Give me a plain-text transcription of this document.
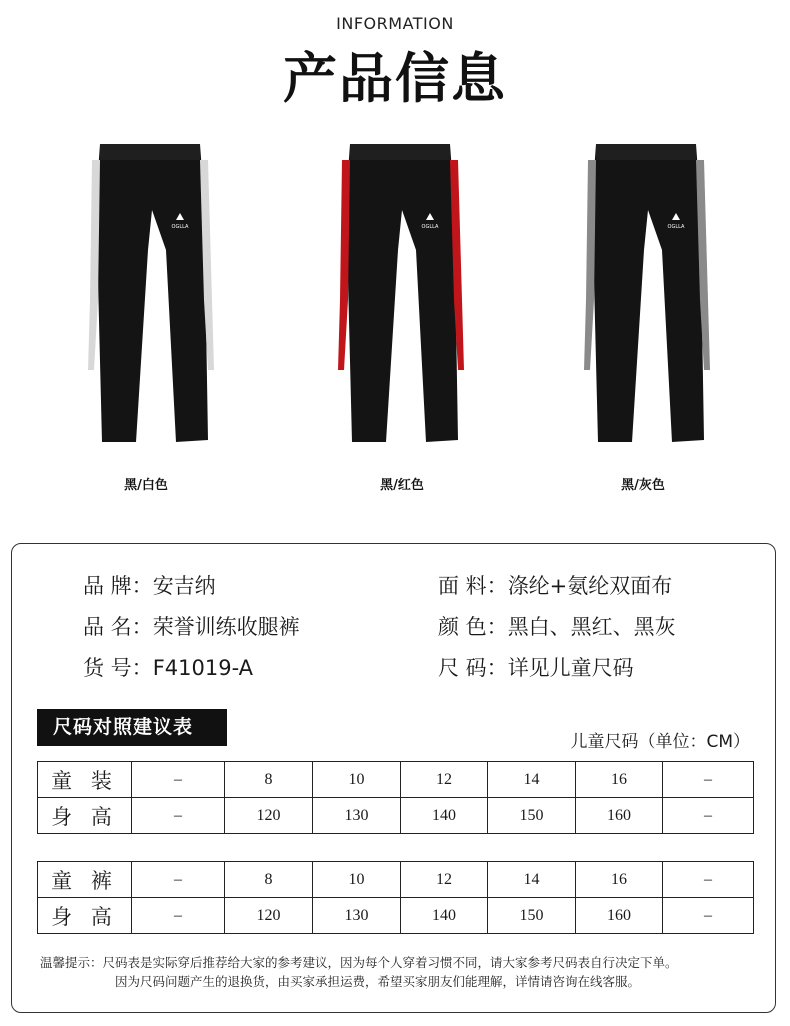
INFORMATION
产品信息
OGLLA
黑/白色
OGLLA
黑/红色
OGLLA
黑/灰色
品 牌：安吉纳
品 名：荣誉训练收腿裤
货 号：F41019-A
面 料：涤纶+氨纶双面布
颜 色：黑白、黑红、黑灰
尺 码：详见儿童尺码
尺码对照建议表
儿童尺码（单位：CM）
童 装	–	8	10	12	14	16	–
身 高	–	120	130	140	150	160	–
童 裤	–	8	10	12	14	16	–
身 高	–	120	130	140	150	160	–
温馨提示：尺码表是实际穿后推荐给大家的参考建议，因为每个人穿着习惯不同，请大家参考尺码表自行决定下单。
因为尺码问题产生的退换货，由买家承担运费，希望买家朋友们能理解，详情请咨询在线客服。
